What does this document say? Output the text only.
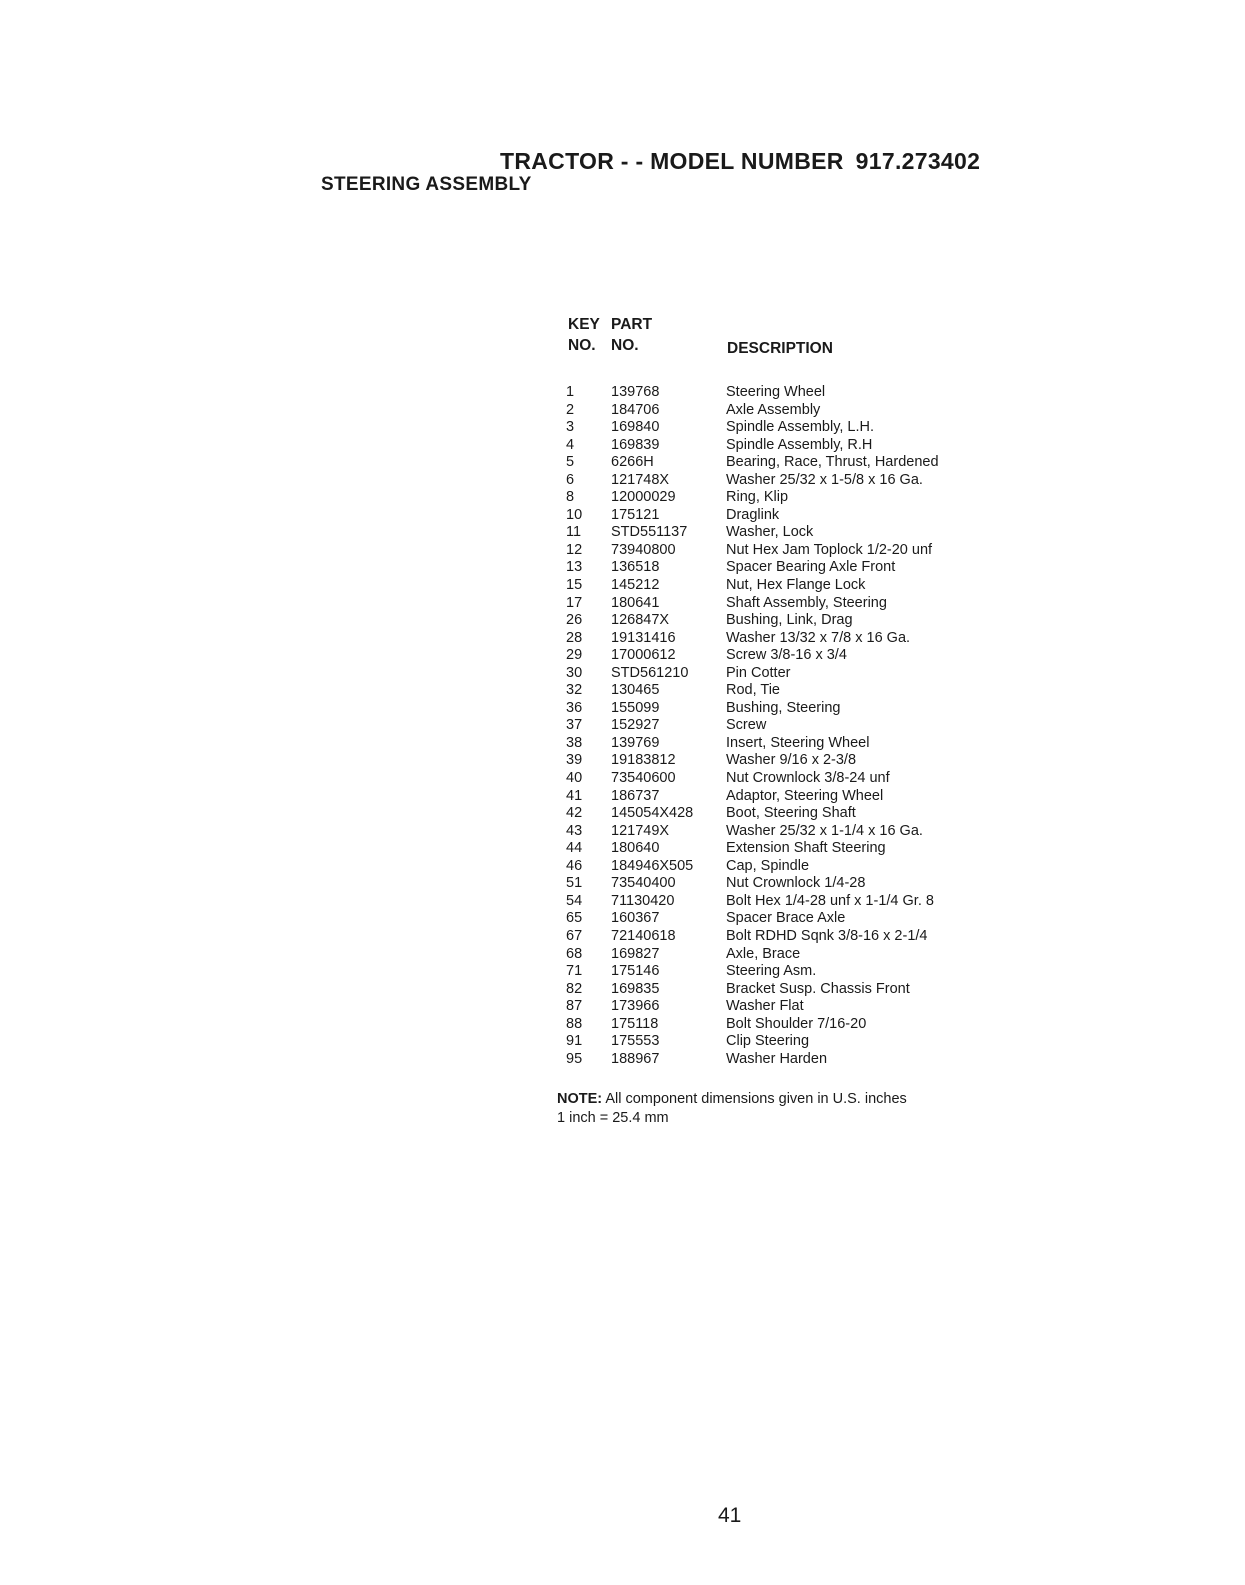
TRACTOR - - MODEL NUMBER 917.273402
STEERING ASSEMBLY
KEY
NO.
PART
NO.	DESCRIPTION
1	139768	Steering Wheel
2	184706	Axle Assembly
3	169840	Spindle Assembly, L.H.
4	169839	Spindle Assembly, R.H
5	6266H	Bearing, Race, Thrust, Hardened
6	121748X	Washer 25/32 x 1-5/8 x 16 Ga.
8	12000029	Ring, Klip
10 175121	Draglink
11 STD551137	Washer, Lock
12 73940800	Nut Hex Jam Toplock 1/2-20 unf
13 136518	Spacer Bearing Axle Front
15 145212	Nut, Hex Flange Lock
17 180641	Shaft Assembly, Steering
26 126847X	Bushing, Link, Drag
28 19131416	Washer 13/32 x 7/8 x 16 Ga.
29 17000612	Screw 3/8-16 x 3/4
30 STD561210	Pin Cotter
32 130465	Rod, Tie
36 155099	Bushing, Steering
37 152927	Screw
38 139769	Insert, Steering Wheel
39 19183812	Washer 9/16 x 2-3/8
40 73540600	Nut Crownlock 3/8-24 unf
41 186737	Adaptor, Steering Wheel
42 145054X428 Boot, Steering Shaft
43 121749X	Washer 25/32 x 1-1/4 x 16 Ga.
44 180640	Extension Shaft Steering
46 184946X505 Cap, Spindle
51 73540400	Nut Crownlock 1/4-28
54 71130420	Bolt Hex 1/4-28 unf x 1-1/4 Gr. 8
65 160367	Spacer Brace Axle
67 72140618	Bolt RDHD Sqnk 3/8-16 x 2-1/4
68 169827	Axle, Brace
71 175146	Steering Asm.
82 169835	Bracket Susp. Chassis Front
87 173966	Washer Flat
88 175118	Bolt Shoulder 7/16-20
91 175553	Clip Steering
95 188967	Washer Harden
NOTE: All component dimensions given in U.S. inches
1 inch = 25.4 mm
41
